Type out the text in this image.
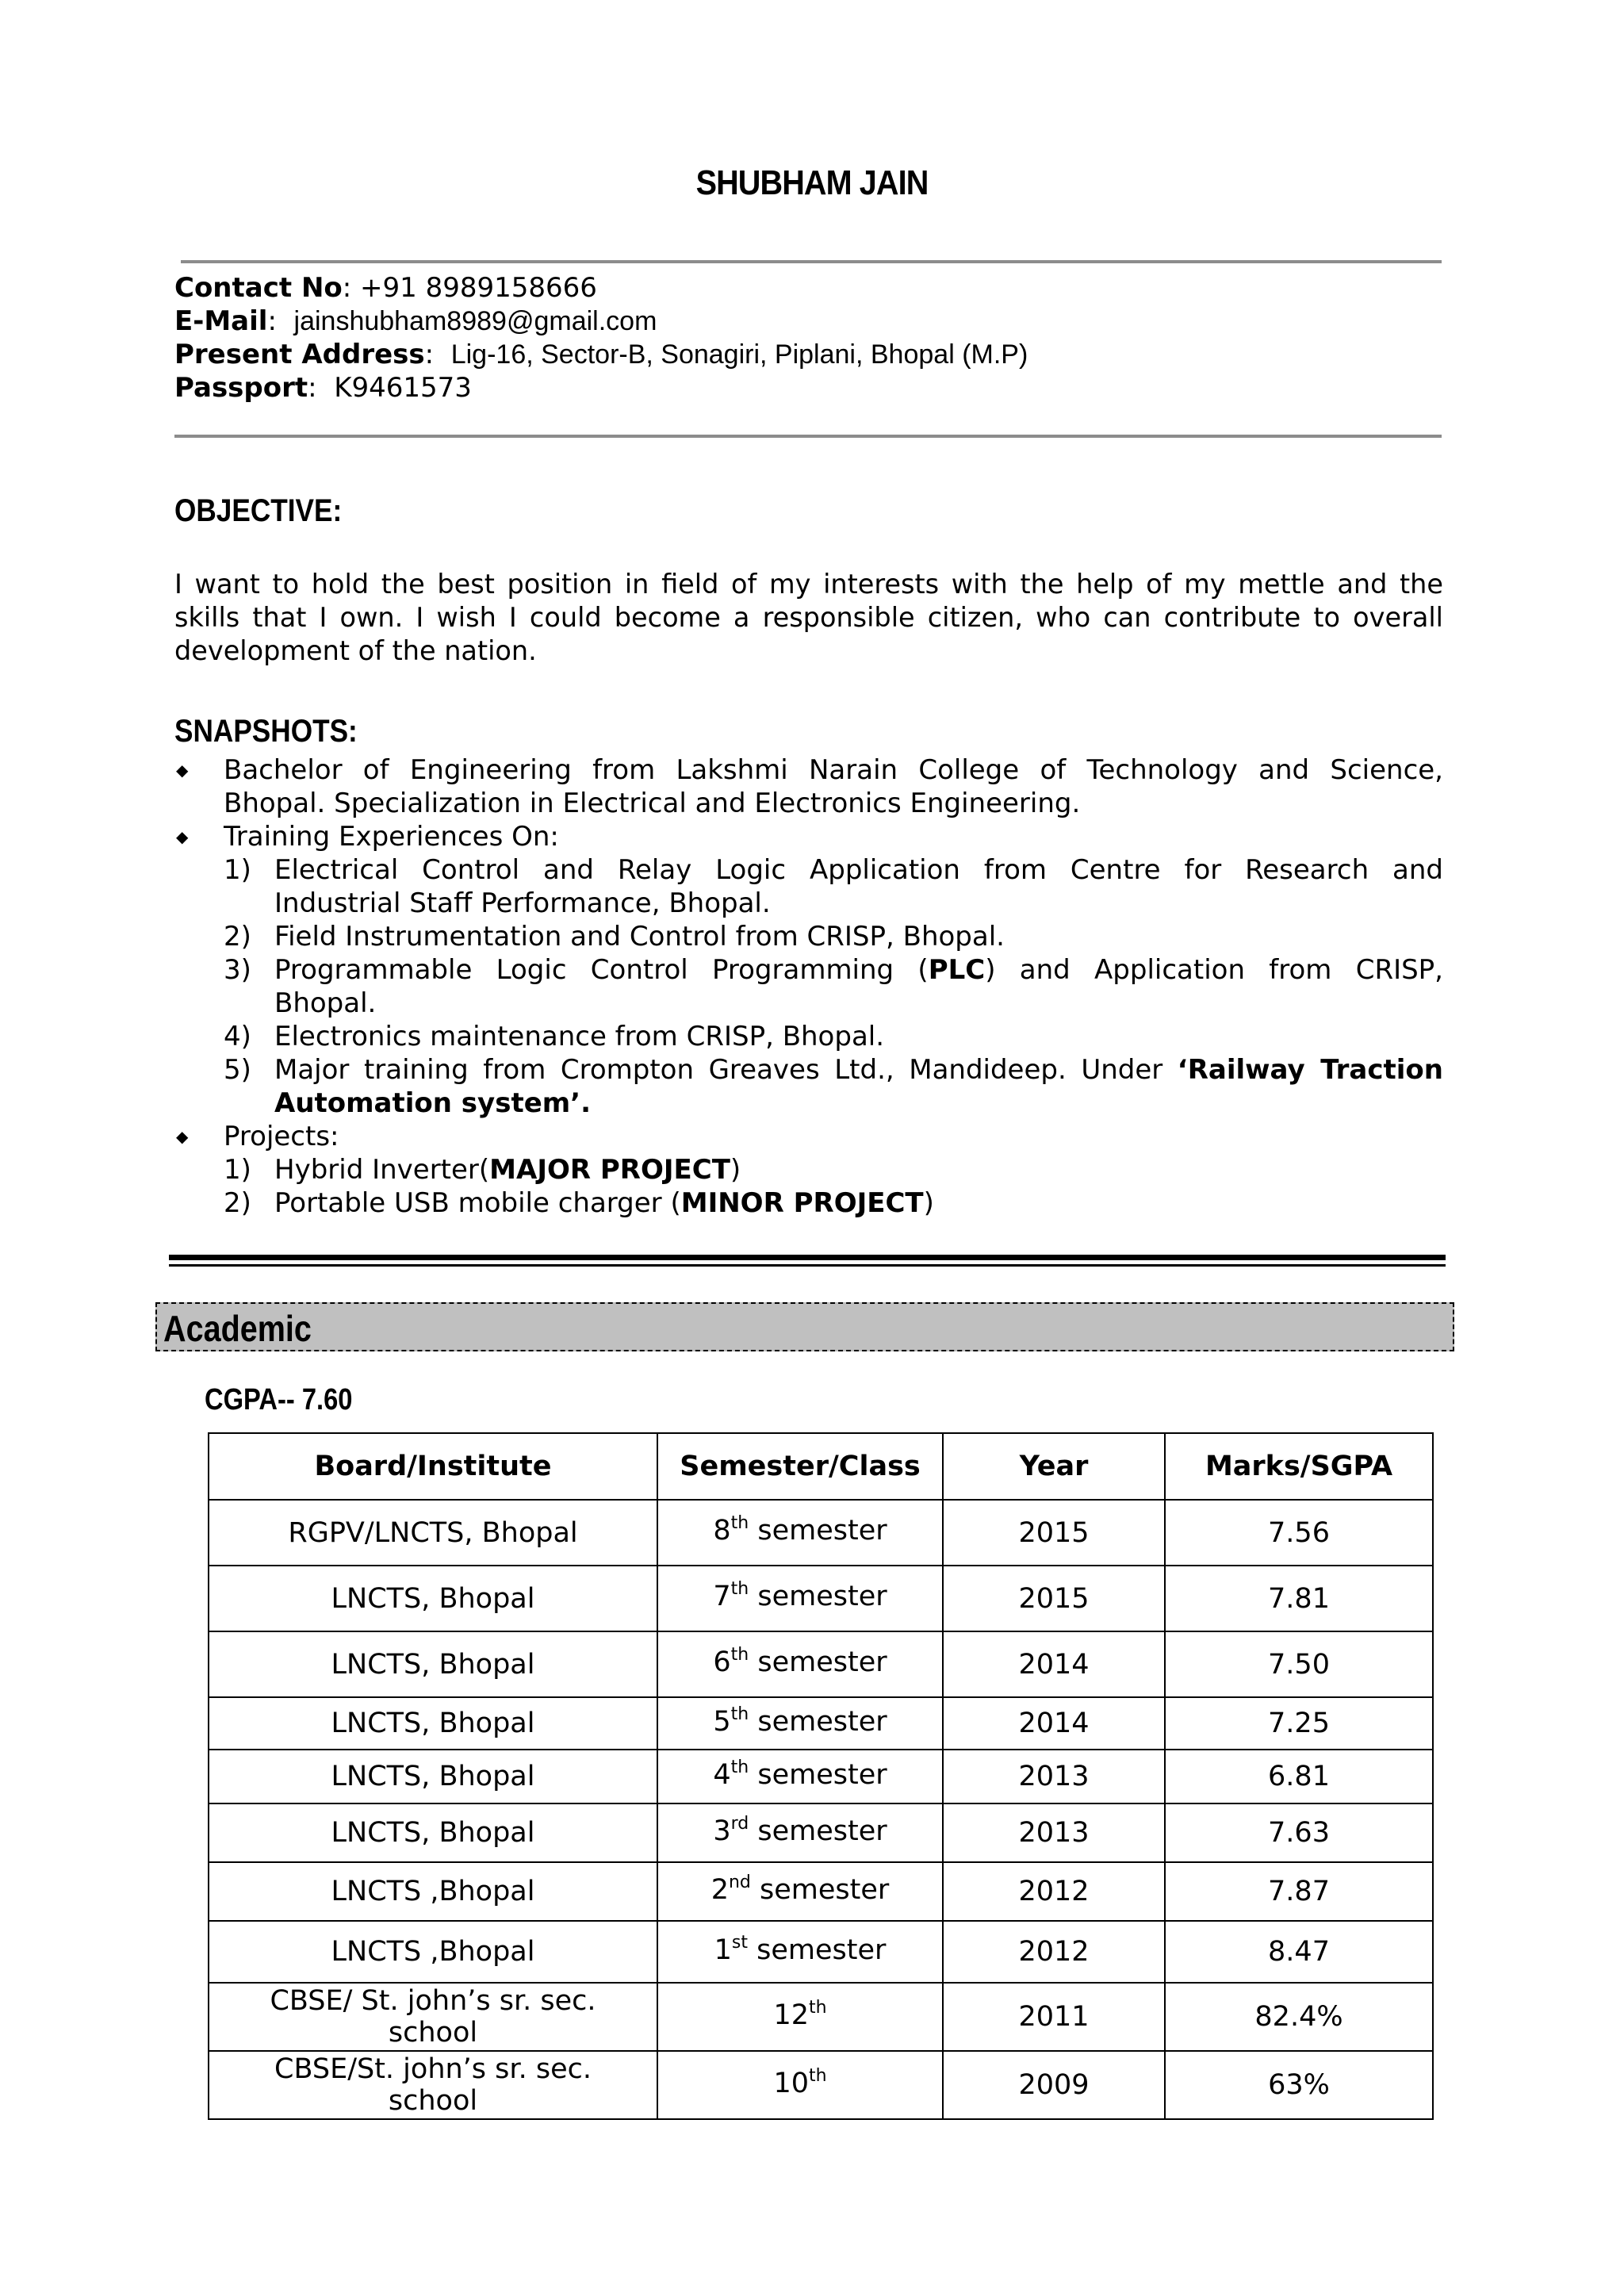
SHUBHAM JAIN
Contact No: +91 8989158666
E-Mail:  jainshubham8989@gmail.com
Present Address:  Lig-16, Sector-B, Sonagiri, Piplani, Bhopal (M.P)
Passport:  K9461573
OBJECTIVE:
I want to hold the best position in field of my interests with the help of my mettle and the
skills that I own. I wish I could become a responsible citizen, who can contribute to overall
development of the nation.
SNAPSHOTS:
◆ Bachelor of Engineering from Lakshmi Narain College of Technology and Science,
Bhopal. Specialization in Electrical and Electronics Engineering.
◆ Training Experiences On:
1) Electrical Control and Relay Logic Application from Centre for Research and
Industrial Staff Performance, Bhopal.
2) Field Instrumentation and Control from CRISP, Bhopal.
3) Programmable Logic Control Programming (PLC) and Application from CRISP,
Bhopal.
4) Electronics maintenance from CRISP, Bhopal.
5) Major training from Crompton Greaves Ltd., Mandideep. Under ‘Railway Traction
Automation system’.
◆ Projects:
1) Hybrid Inverter(MAJOR PROJECT)
2) Portable USB mobile charger (MINOR PROJECT)
Academic
CGPA-- 7.60
Board/Institute	Semester/Class	Year	Marks/SGPA
RGPV/LNCTS, Bhopal	8th semester	2015	7.56
LNCTS, Bhopal	7th semester	2015	7.81
LNCTS, Bhopal	6th semester	2014	7.50
LNCTS, Bhopal	5th semester	2014	7.25
LNCTS, Bhopal	4th semester	2013	6.81
LNCTS, Bhopal	3rd semester	2013	7.63
LNCTS ,Bhopal	2nd semester	2012	7.87
LNCTS ,Bhopal	1st semester	2012	8.47
CBSE/ St. john’s sr. sec.
school	12th	2011	82.4%
CBSE/St. john’s sr. sec.
school	10th	2009	63%
